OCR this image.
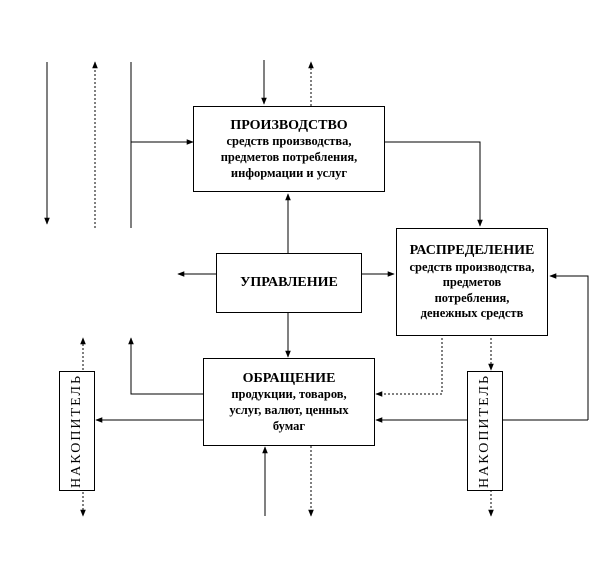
ПРОИЗВОДСТВО
средств производства,
предметов потребления,
информации и услуг
РАСПРЕДЕЛЕНИЕ
средств производства,
предметов
потребления,
денежных средств
УПРАВЛЕНИЕ
ОБРАЩЕНИЕ
продукции, товаров,
услуг, валют, ценных
бумаг
НАКОПИТЕЛЬ	НАКОПИТЕЛЬ
